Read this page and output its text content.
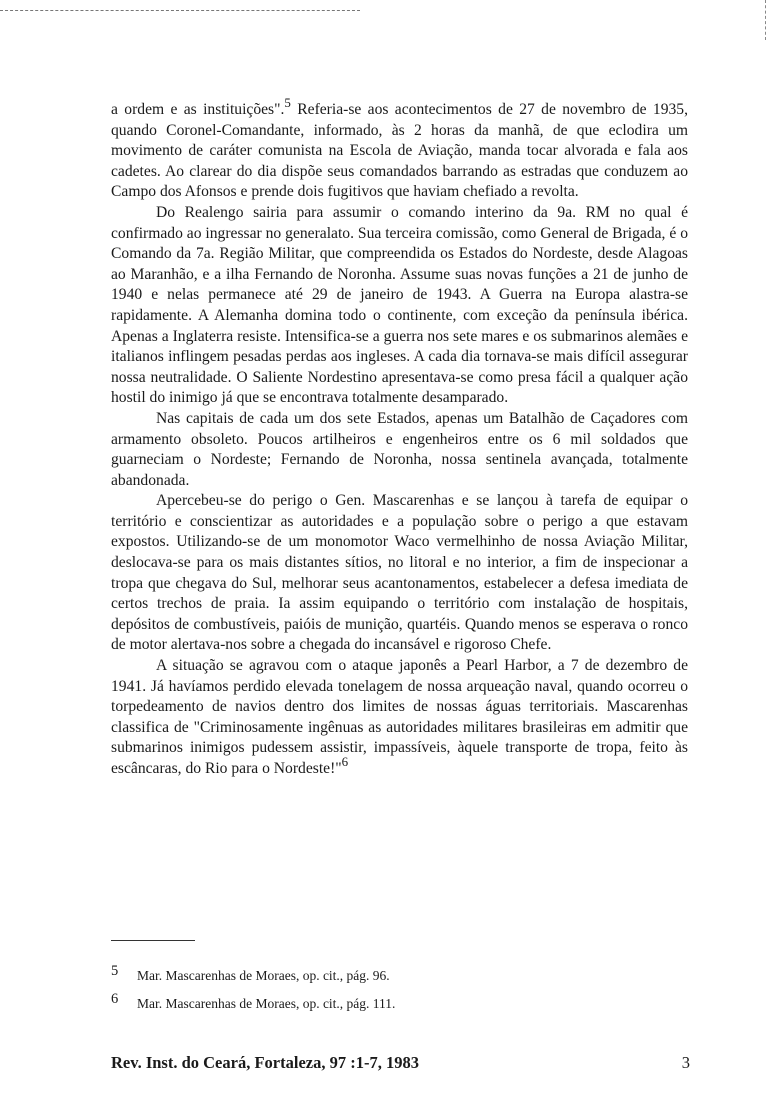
a ordem e as instituições".$^5$ Referia-se aos acontecimentos de 27 de novembro de 1935, quando Coronel-Comandante, informado, às 2 horas da manhã, de que eclodira um movimento de caráter comunista na Escola de Aviação, manda tocar alvorada e fala aos cadetes. Ao clarear do dia dispõe seus comandados barrando as estradas que conduzem ao Campo dos Afonsos e prende dois fugitivos que haviam chefiado a revolta.

Do Realengo sairia para assumir o comando interino da 9a. RM no qual é confirmado ao ingressar no generalato. Sua terceira comissão, como General de Brigada, é o Comando da 7a. Região Militar, que compreendida os Estados do Nordeste, desde Alagoas ao Maranhão, e a ilha Fernando de Noronha. Assume suas novas funções a 21 de junho de 1940 e nelas permanece até 29 de janeiro de 1943. A Guerra na Europa alastra-se rapidamente. A Alemanha domina todo o continente, com exceção da península ibérica. Apenas a Inglaterra resiste. Intensifica-se a guerra nos sete mares e os submarinos alemães e italianos inflingem pesadas perdas aos ingleses. A cada dia tornava-se mais difícil assegurar nossa neutralidade. O Saliente Nordestino apresentava-se como presa fácil a qualquer ação hostil do inimigo já que se encontrava totalmente desamparado.

Nas capitais de cada um dos sete Estados, apenas um Batalhão de Caçadores com armamento obsoleto. Poucos artilheiros e engenheiros entre os 6 mil soldados que guarneciam o Nordeste; Fernando de Noronha, nossa sentinela avançada, totalmente abandonada.

Apercebeu-se do perigo o Gen. Mascarenhas e se lançou à tarefa de equipar o território e conscientizar as autoridades e a população sobre o perigo a que estavam expostos. Utilizando-se de um monomotor Waco vermelhinho de nossa Aviação Militar, deslocava-se para os mais distantes sítios, no litoral e no interior, a fim de inspecionar a tropa que chegava do Sul, melhorar seus acantonamentos, estabelecer a defesa imediata de certos trechos de praia. Ia assim equipando o território com instalação de hospitais, depósitos de combustíveis, paióis de munição, quartéis. Quando menos se esperava o ronco de motor alertava-nos sobre a chegada do incansável e rigoroso Chefe.

A situação se agravou com o ataque japonês a Pearl Harbor, a 7 de dezembro de 1941. Já havíamos perdido elevada tonelagem de nossa arqueação naval, quando ocorreu o torpedeamento de navios dentro dos limites de nossas águas territoriais. Mascarenhas classifica de "Criminosamente ingênuas as autoridades militares brasileiras em admitir que submarinos inimigos pudessem assistir, impassíveis, àquele transporte de tropa, feito às escâncaras, do Rio para o Nordeste!"$^6$

5	Mar. Mascarenhas de Moraes, op. cit., pág. 96.
6	Mar. Mascarenhas de Moraes, op. cit., pág. 111.
Rev. Inst. do Ceará, Fortaleza, 97 :1-7, 1983	3
